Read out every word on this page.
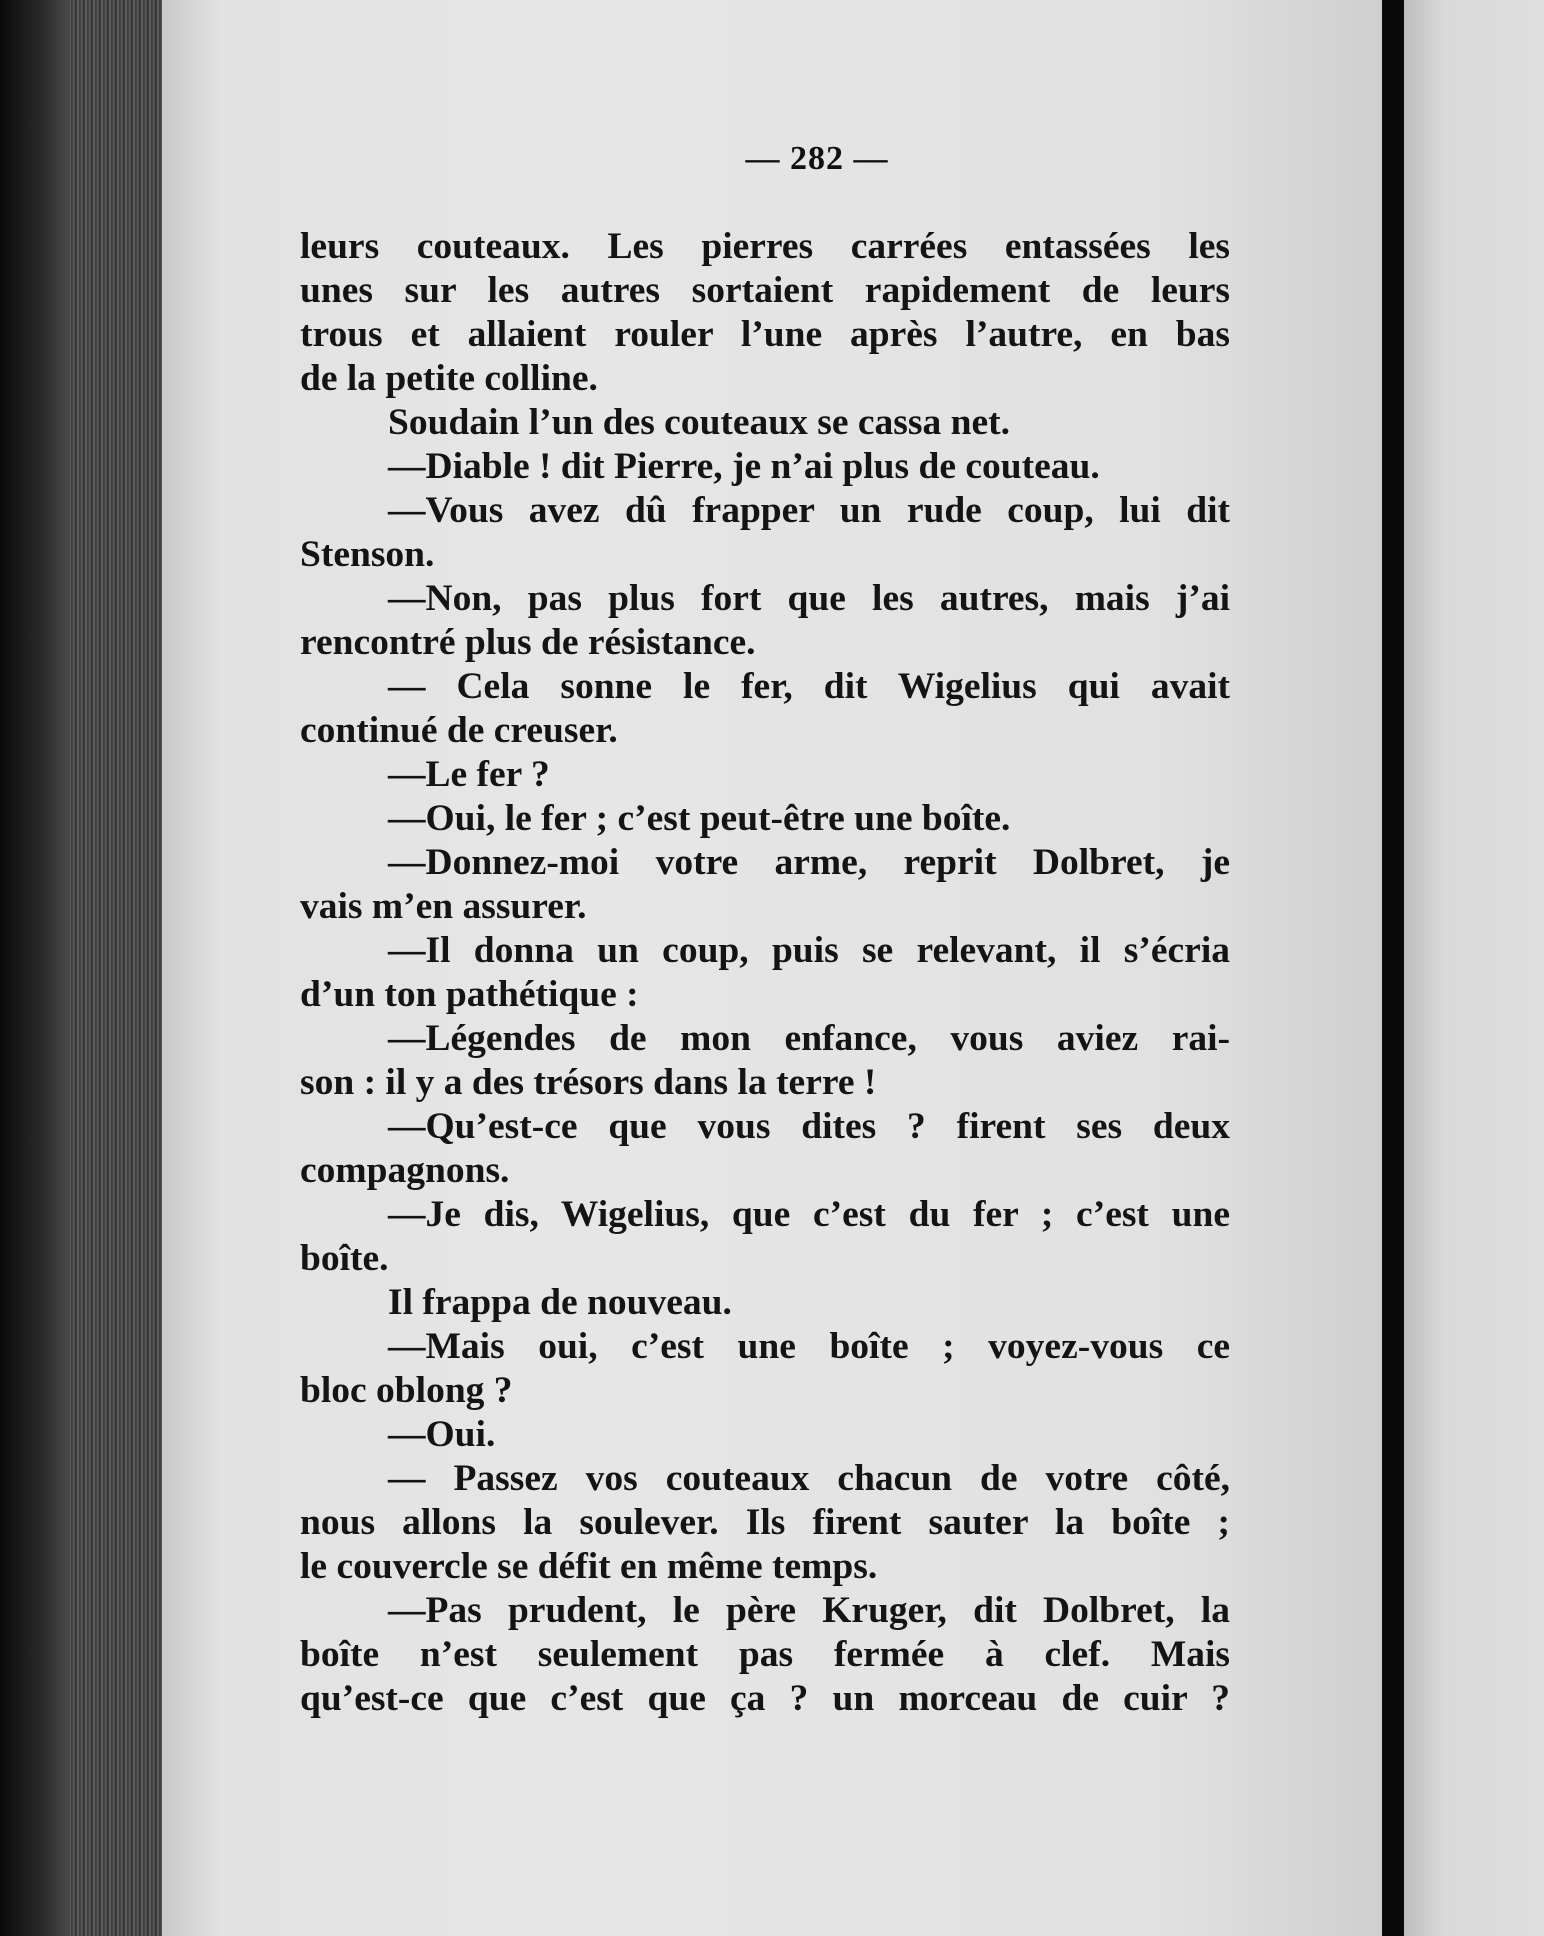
— 282 —
leurs couteaux. Les pierres carrées entassées les
unes sur les autres sortaient rapidement de leurs
trous et allaient rouler l’une après l’autre, en bas
de la petite colline.
Soudain l’un des couteaux se cassa net.
—Diable ! dit Pierre, je n’ai plus de couteau.
—Vous avez dû frapper un rude coup, lui dit
Stenson.
—Non, pas plus fort que les autres, mais j’ai
rencontré plus de résistance.
— Cela sonne le fer, dit Wigelius qui avait
continué de creuser.
—Le fer ?
—Oui, le fer ; c’est peut-être une boîte.
—Donnez-moi votre arme, reprit Dolbret, je
vais m’en assurer.
—Il donna un coup, puis se relevant, il s’écria
d’un ton pathétique :
—Légendes de mon enfance, vous aviez rai-
son : il y a des trésors dans la terre !
—Qu’est-ce que vous dites ? firent ses deux
compagnons.
—Je dis, Wigelius, que c’est du fer ; c’est une
boîte.
Il frappa de nouveau.
—Mais oui, c’est une boîte ; voyez-vous ce
bloc oblong ?
—Oui.
— Passez vos couteaux chacun de votre côté,
nous allons la soulever. Ils firent sauter la boîte ;
le couvercle se défit en même temps.
—Pas prudent, le père Kruger, dit Dolbret, la
boîte n’est seulement pas fermée à clef. Mais
qu’est-ce que c’est que ça ? un morceau de cuir ?
